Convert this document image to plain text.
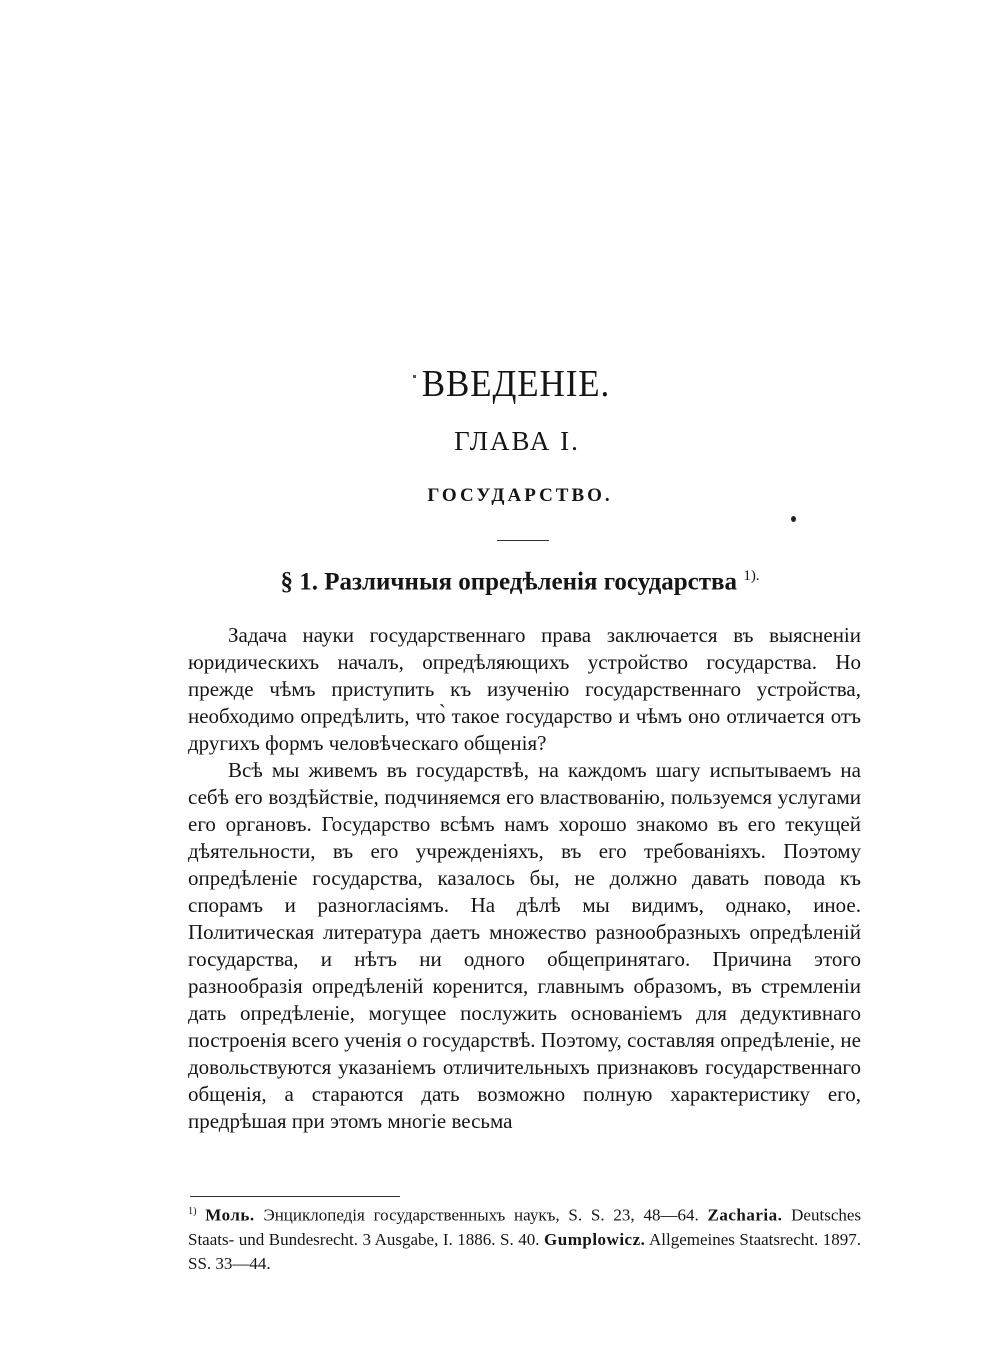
ВВЕДЕНІЕ.
ГЛАВА I.
ГОСУДАРСТВО.
§ 1. Различныя опредѣленія государства $^{1).}$

Задача науки государственнаго права заключается въ выясненіи юридическихъ началъ, опредѣляющихъ устройство государства. Но прежде чѣмъ приступить къ изученію государственнаго устройства, необходимо опредѣлить, что̀ такое государство и чѣмъ оно отличается отъ другихъ формъ человѣческаго общенія?

Всѣ мы живемъ въ государствѣ, на каждомъ шагу испытываемъ на себѣ его воздѣйствіе, подчиняемся его властвованію, пользуемся услугами его органовъ. Государство всѣмъ намъ хорошо знакомо въ его текущей дѣятельности, въ его учрежденіяхъ, въ его требованіяхъ. Поэтому опредѣленіе государства, казалось бы, не должно давать повода къ спорамъ и разногласіямъ. На дѣлѣ мы видимъ, однако, иное. Политическая литература даетъ множество разнообразныхъ опредѣленій государства, и нѣтъ ни одного общепринятаго. Причина этого разнообразія опредѣленій коренится, главнымъ образомъ, въ стремленіи дать опредѣленіе, могущее послужить основаніемъ для дедуктивнаго построенія всего ученія о государствѣ. Поэтому, составляя опредѣленіе, не довольствуются указаніемъ отличительныхъ признаковъ государственнаго общенія, а стараются дать возможно полную характеристику его, предрѣшая при этомъ многіе весьма

$^{1)}$ Моль. Энциклопедія государственныхъ наукъ, S. S. 23, 48—64. Zacharia. Deutsches Staats- und Bundesrecht. 3 Ausgabe, I. 1886. S. 40. Gumplowicz. Allgemeines Staatsrecht. 1897. SS. 33—44.
